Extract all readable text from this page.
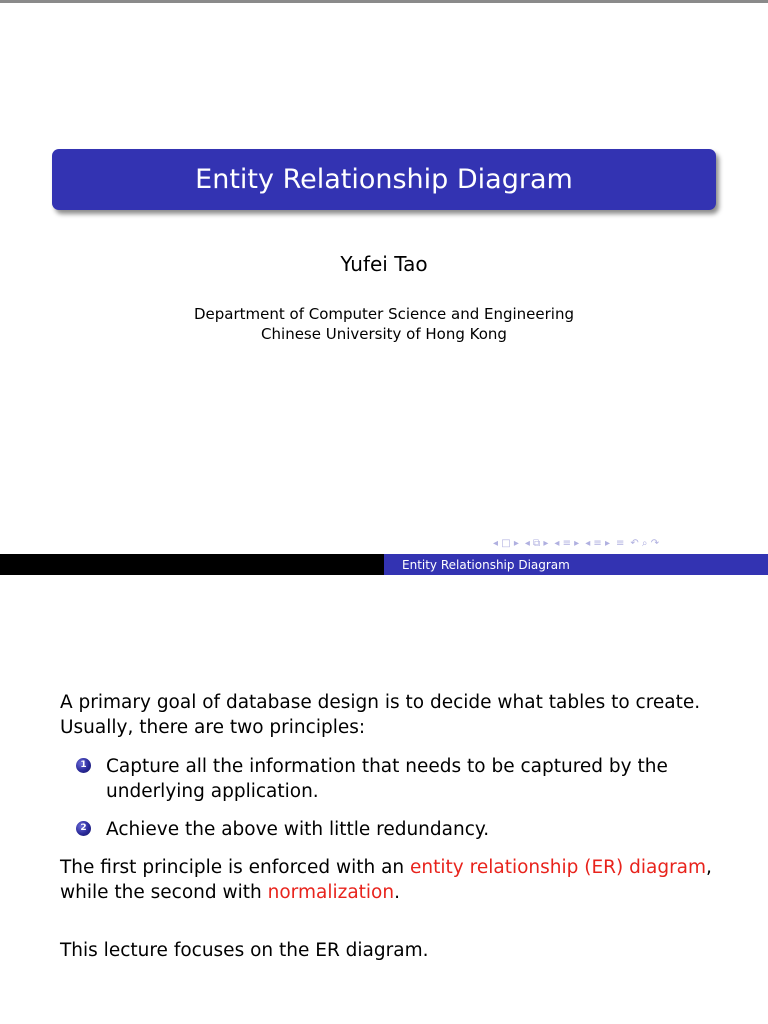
Entity Relationship Diagram
Yufei Tao
Department of Computer Science and Engineering
Chinese University of Hong Kong
◂ □ ▸ ◂ ⧉ ▸ ◂ ≡ ▸ ◂ ≡ ▸ ≡ ↶ ⌕ ↷
Entity Relationship Diagram

A primary goal of database design is to decide what tables to create. Usually, there are two principles:

1 Capture all the information that needs to be captured by the underlying application.
2 Achieve the above with little redundancy.

The first principle is enforced with an entity relationship (ER) diagram, while the second with normalization.

This lecture focuses on the ER diagram.
